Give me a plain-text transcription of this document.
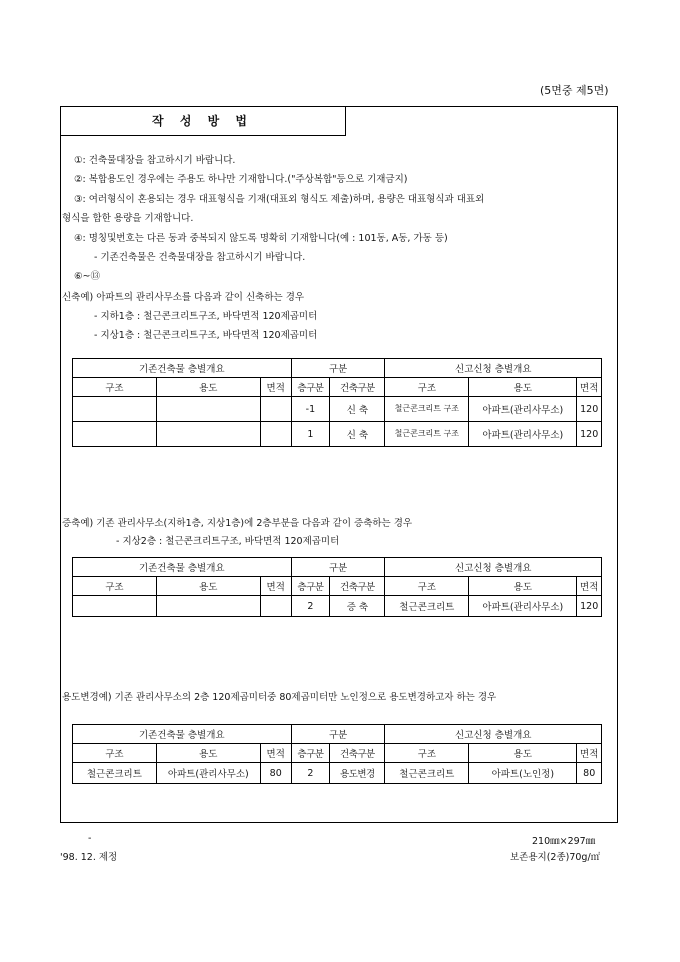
(5면중 제5면)
작 성 방 법
①: 건축물대장을 참고하시기 바랍니다.
②: 복합용도인 경우에는 주용도 하나만 기재합니다.("주상복합"등으로 기재금지)
③: 여러형식이 혼용되는 경우 대표형식을 기재(대표외 형식도 제출)하며, 용량은 대표형식과 대표외
형식을 합한 용량을 기재합니다.
④: 명칭및번호는 다른 동과 중복되지 않도록 명확히 기재합니다(예 : 101동, A동, 가동 등)
- 기존건축물은 건축물대장을 참고하시기 바랍니다.
⑥~⑬
신축예) 아파트의 관리사무소를 다음과 같이 신축하는 경우
- 지하1층 : 철근콘크리트구조, 바닥면적 120제곱미터
- 지상1층 : 철근콘크리트구조, 바닥면적 120제곱미터
기존건축물 층별개요			구분		신고신청 층별개요		
구조	용도	면적	층구분	건축구분	구조	용도	면적
			-1	신 축	철근콘크리트 구조	아파트(관리사무소)	120
			1	신 축	철근콘크리트 구조	아파트(관리사무소)	120
증축예) 기존 관리사무소(지하1층, 지상1층)에 2층부분을 다음과 같이 증축하는 경우
- 지상2층 : 철근콘크리트구조, 바닥면적 120제곱미터
기존건축물 층별개요			구분		신고신청 층별개요		
구조	용도	면적	층구분	건축구분	구조	용도	면적
			2	증 축	철근콘크리트	아파트(관리사무소)	120
용도변경예) 기존 관리사무소의 2층 120제곱미터중 80제곱미터만 노인정으로 용도변경하고자 하는 경우
기존건축물 층별개요			구분		신고신청 층별개요		
구조	용도	면적	층구분	건축구분	구조	용도	면적
철근콘크리트	아파트(관리사무소)	80	2	용도변경	철근콘크리트	아파트(노인정)	80
-
'98. 12. 제정
210㎜×297㎜
보존용지(2종)70g/㎡
